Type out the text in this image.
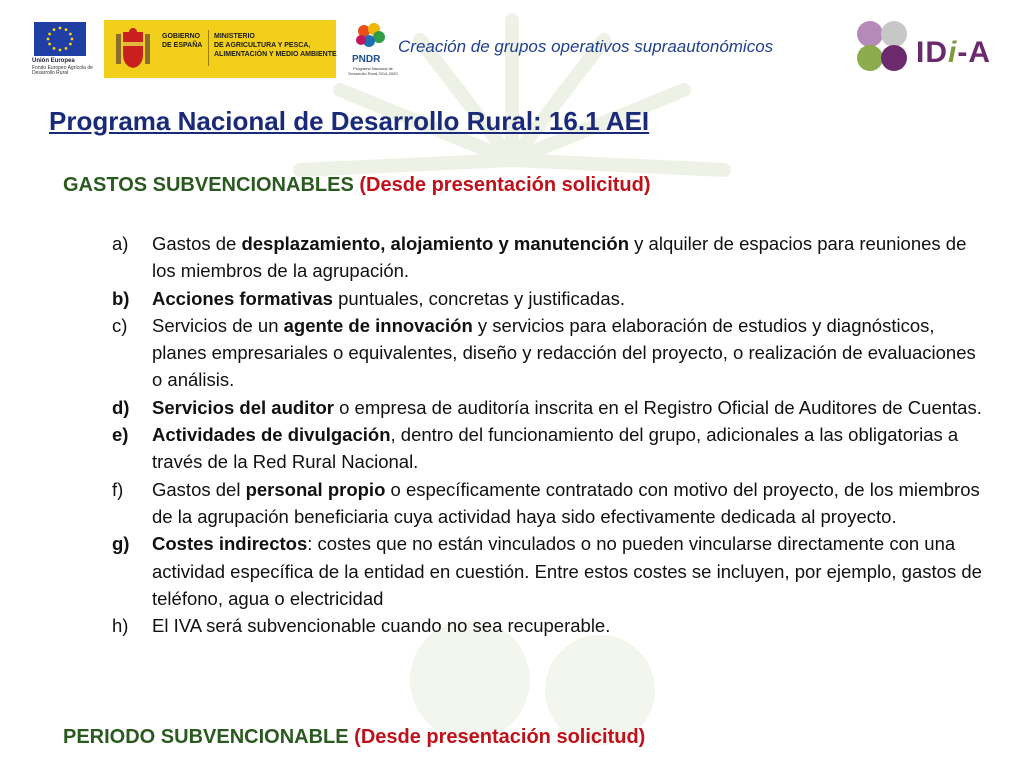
Unión Europea
Fondo Europeo Agrícola de Desarrollo Rural
GOBIERNO
DE ESPAÑA
MINISTERIO
DE AGRICULTURA Y PESCA,
ALIMENTACIÓN Y MEDIO AMBIENTE PNDR
Programa Nacional de Desarrollo Rural 2014-2020
Creación de grupos operativos supraautonómicos	IDi-A
Programa Nacional de Desarrollo Rural: 16.1 AEI
GASTOS SUBVENCIONABLES (Desde presentación solicitud)
a)	Gastos de desplazamiento, alojamiento y manutención y alquiler de espacios para reuniones de los miembros de la agrupación.
b)	Acciones formativas puntuales, concretas y justificadas.
c)	Servicios de un agente de innovación y servicios para elaboración de estudios y diagnósticos, planes empresariales o equivalentes, diseño y redacción del proyecto, o realización de evaluaciones o análisis.
d)	Servicios del auditor o empresa de auditoría inscrita en el Registro Oficial de Auditores de Cuentas.
e)	Actividades de divulgación, dentro del funcionamiento del grupo, adicionales a las obligatorias a través de la Red Rural Nacional.
f)	Gastos del personal propio o específicamente contratado con motivo del proyecto, de los miembros de la agrupación beneficiaria cuya actividad haya sido efectivamente dedicada al proyecto.
g)	Costes indirectos: costes que no están vinculados o no pueden vincularse directamente con una actividad específica de la entidad en cuestión. Entre estos costes se incluyen, por ejemplo, gastos de teléfono, agua o electricidad
h)	El IVA será subvencionable cuando no sea recuperable.
PERIODO SUBVENCIONABLE (Desde presentación solicitud)
